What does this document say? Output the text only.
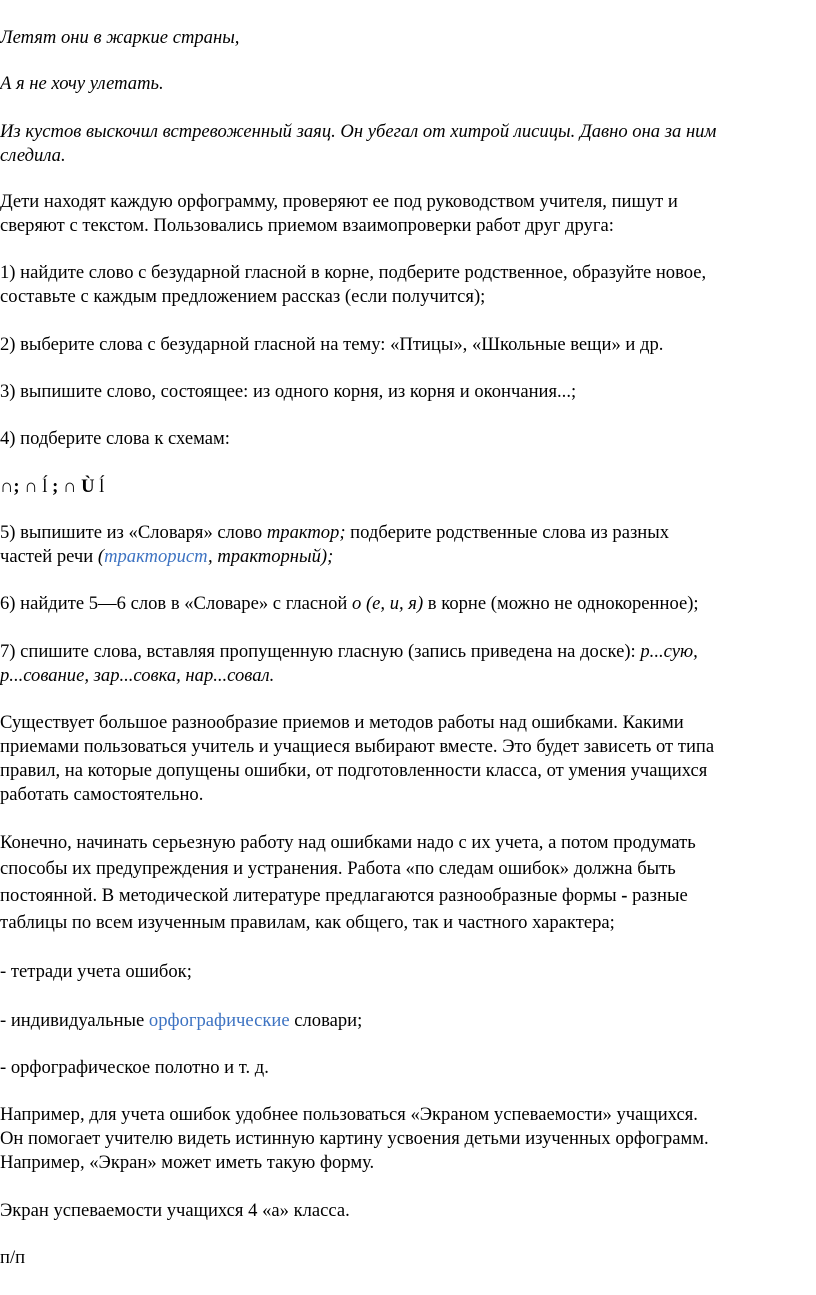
Летят они в жаркие страны,

А я не хочу улетать.

Из кустов выскочил встревоженный заяц. Он убегал от хитрой лисицы. Давно она за ним

следила.

Дети находят каждую орфограмму, проверяют ее под руководством учителя, пишут и

сверяют с текстом. Пользовались приемом взаимопроверки работ друг друга:

1) найдите слово с безударной гласной в корне, подберите родственное, образуйте новое,

составьте с каждым предложением рассказ (если получится);

2) выберите слова с безударной гласной на тему: «Птицы», «Школьные вещи» и др.

3) выпишите слово, состоящее: из одного корня, из корня и окончания...;

4) подберите слова к схемам:

∩; ∩ ĺ ; ∩ Ù ĺ

5) выпишите из «Словаря» слово трактор; подберите родственные слова из разных

частей речи (тракторист, тракторный);

6) найдите 5—6 слов в «Словаре» с гласной о (е, и, я) в корне (можно не однокоренное);

7) спишите слова, вставляя пропущенную гласную (запись приведена на доске): р...сую,

р...сование, зар...совка, нар...совал.

Существует большое разнообразие приемов и методов работы над ошибками. Какими

приемами пользоваться учитель и учащиеся выбирают вместе. Это будет зависеть от типа

правил, на которые допущены ошибки, от подготовленности класса, от умения учащихся

работать самостоятельно.

Конечно, начинать серьезную работу над ошибками надо с их учета, а потом продумать

способы их предупреждения и устранения. Работа «по следам ошибок» должна быть

постоянной. В методической литературе предлагаются разнообразные формы - разные

таблицы по всем изученным правилам, как общего, так и частного характера;

- тетради учета ошибок;

- индивидуальные орфографические словари;

- орфографическое полотно и т. д.

Например, для учета ошибок удобнее пользоваться «Экраном успеваемости» учащихся.

Он помогает учителю видеть истинную картину усвоения детьми изученных орфограмм.

Например, «Экран» может иметь такую форму.

Экран успеваемости учащихся 4 «а» класса.

п/п
